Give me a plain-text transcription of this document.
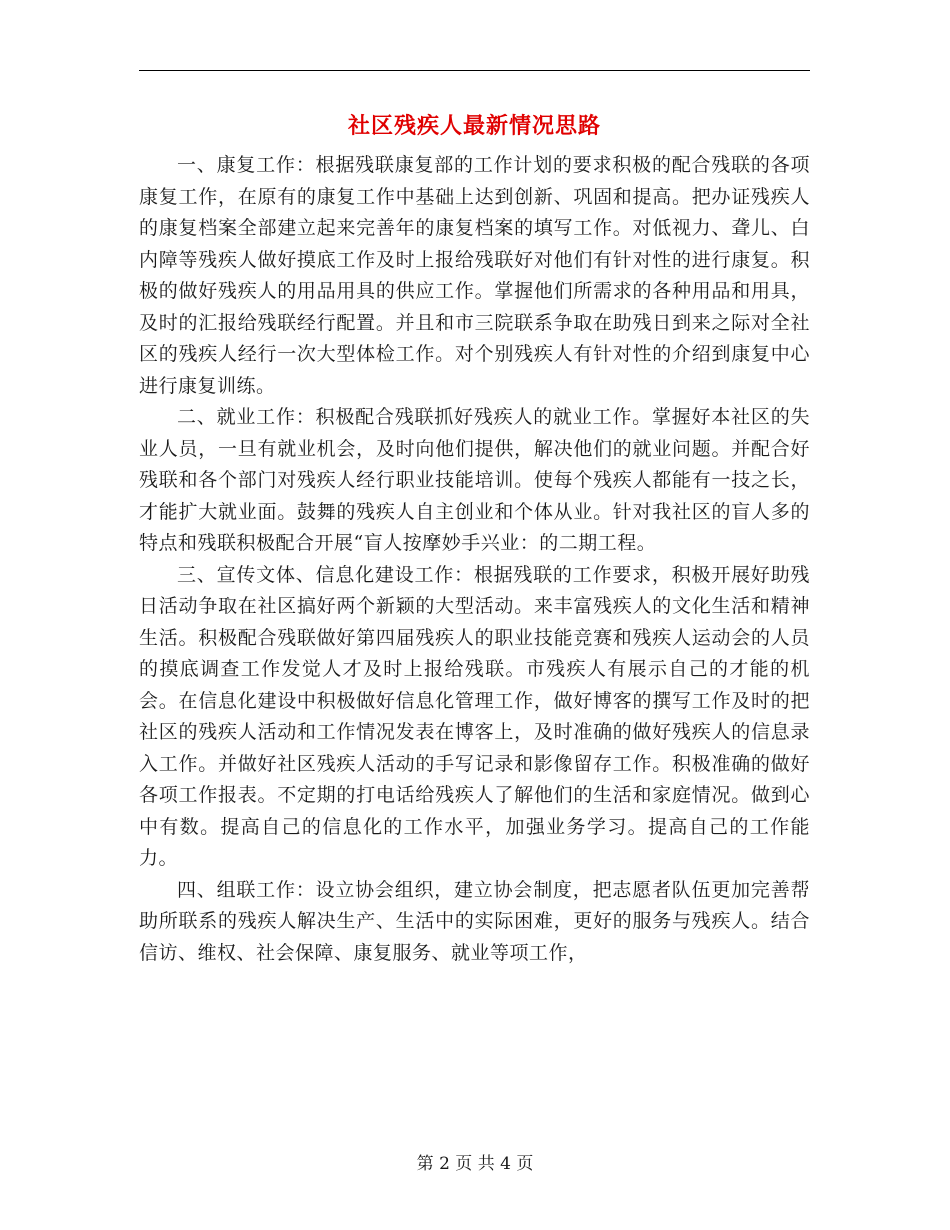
社区残疾人最新情况思路

一、康复工作：根据残联康复部的工作计划的要求积极的配合残联的各项康复工作，在原有的康复工作中基础上达到创新、巩固和提高。把办证残疾人的康复档案全部建立起来完善年的康复档案的填写工作。对低视力、聋儿、白内障等残疾人做好摸底工作及时上报给残联好对他们有针对性的进行康复。积极的做好残疾人的用品用具的供应工作。掌握他们所需求的各种用品和用具，及时的汇报给残联经行配置。并且和市三院联系争取在助残日到来之际对全社区的残疾人经行一次大型体检工作。对个别残疾人有针对性的介绍到康复中心进行康复训练。

二、就业工作：积极配合残联抓好残疾人的就业工作。掌握好本社区的失业人员，一旦有就业机会，及时向他们提供，解决他们的就业问题。并配合好残联和各个部门对残疾人经行职业技能培训。使每个残疾人都能有一技之长，才能扩大就业面。鼓舞的残疾人自主创业和个体从业。针对我社区的盲人多的特点和残联积极配合开展“盲人按摩妙手兴业：的二期工程。

三、宣传文体、信息化建设工作：根据残联的工作要求，积极开展好助残日活动争取在社区搞好两个新颖的大型活动。来丰富残疾人的文化生活和精神生活。积极配合残联做好第四届残疾人的职业技能竞赛和残疾人运动会的人员的摸底调查工作发觉人才及时上报给残联。市残疾人有展示自己的才能的机会。在信息化建设中积极做好信息化管理工作，做好博客的撰写工作及时的把社区的残疾人活动和工作情况发表在博客上，及时准确的做好残疾人的信息录入工作。并做好社区残疾人活动的手写记录和影像留存工作。积极准确的做好各项工作报表。不定期的打电话给残疾人了解他们的生活和家庭情况。做到心中有数。提高自己的信息化的工作水平，加强业务学习。提高自己的工作能力。

四、组联工作：设立协会组织，建立协会制度，把志愿者队伍更加完善帮助所联系的残疾人解决生产、生活中的实际困难，更好的服务与残疾人。结合信访、维权、社会保障、康复服务、就业等项工作，

第 2 页 共 4 页
